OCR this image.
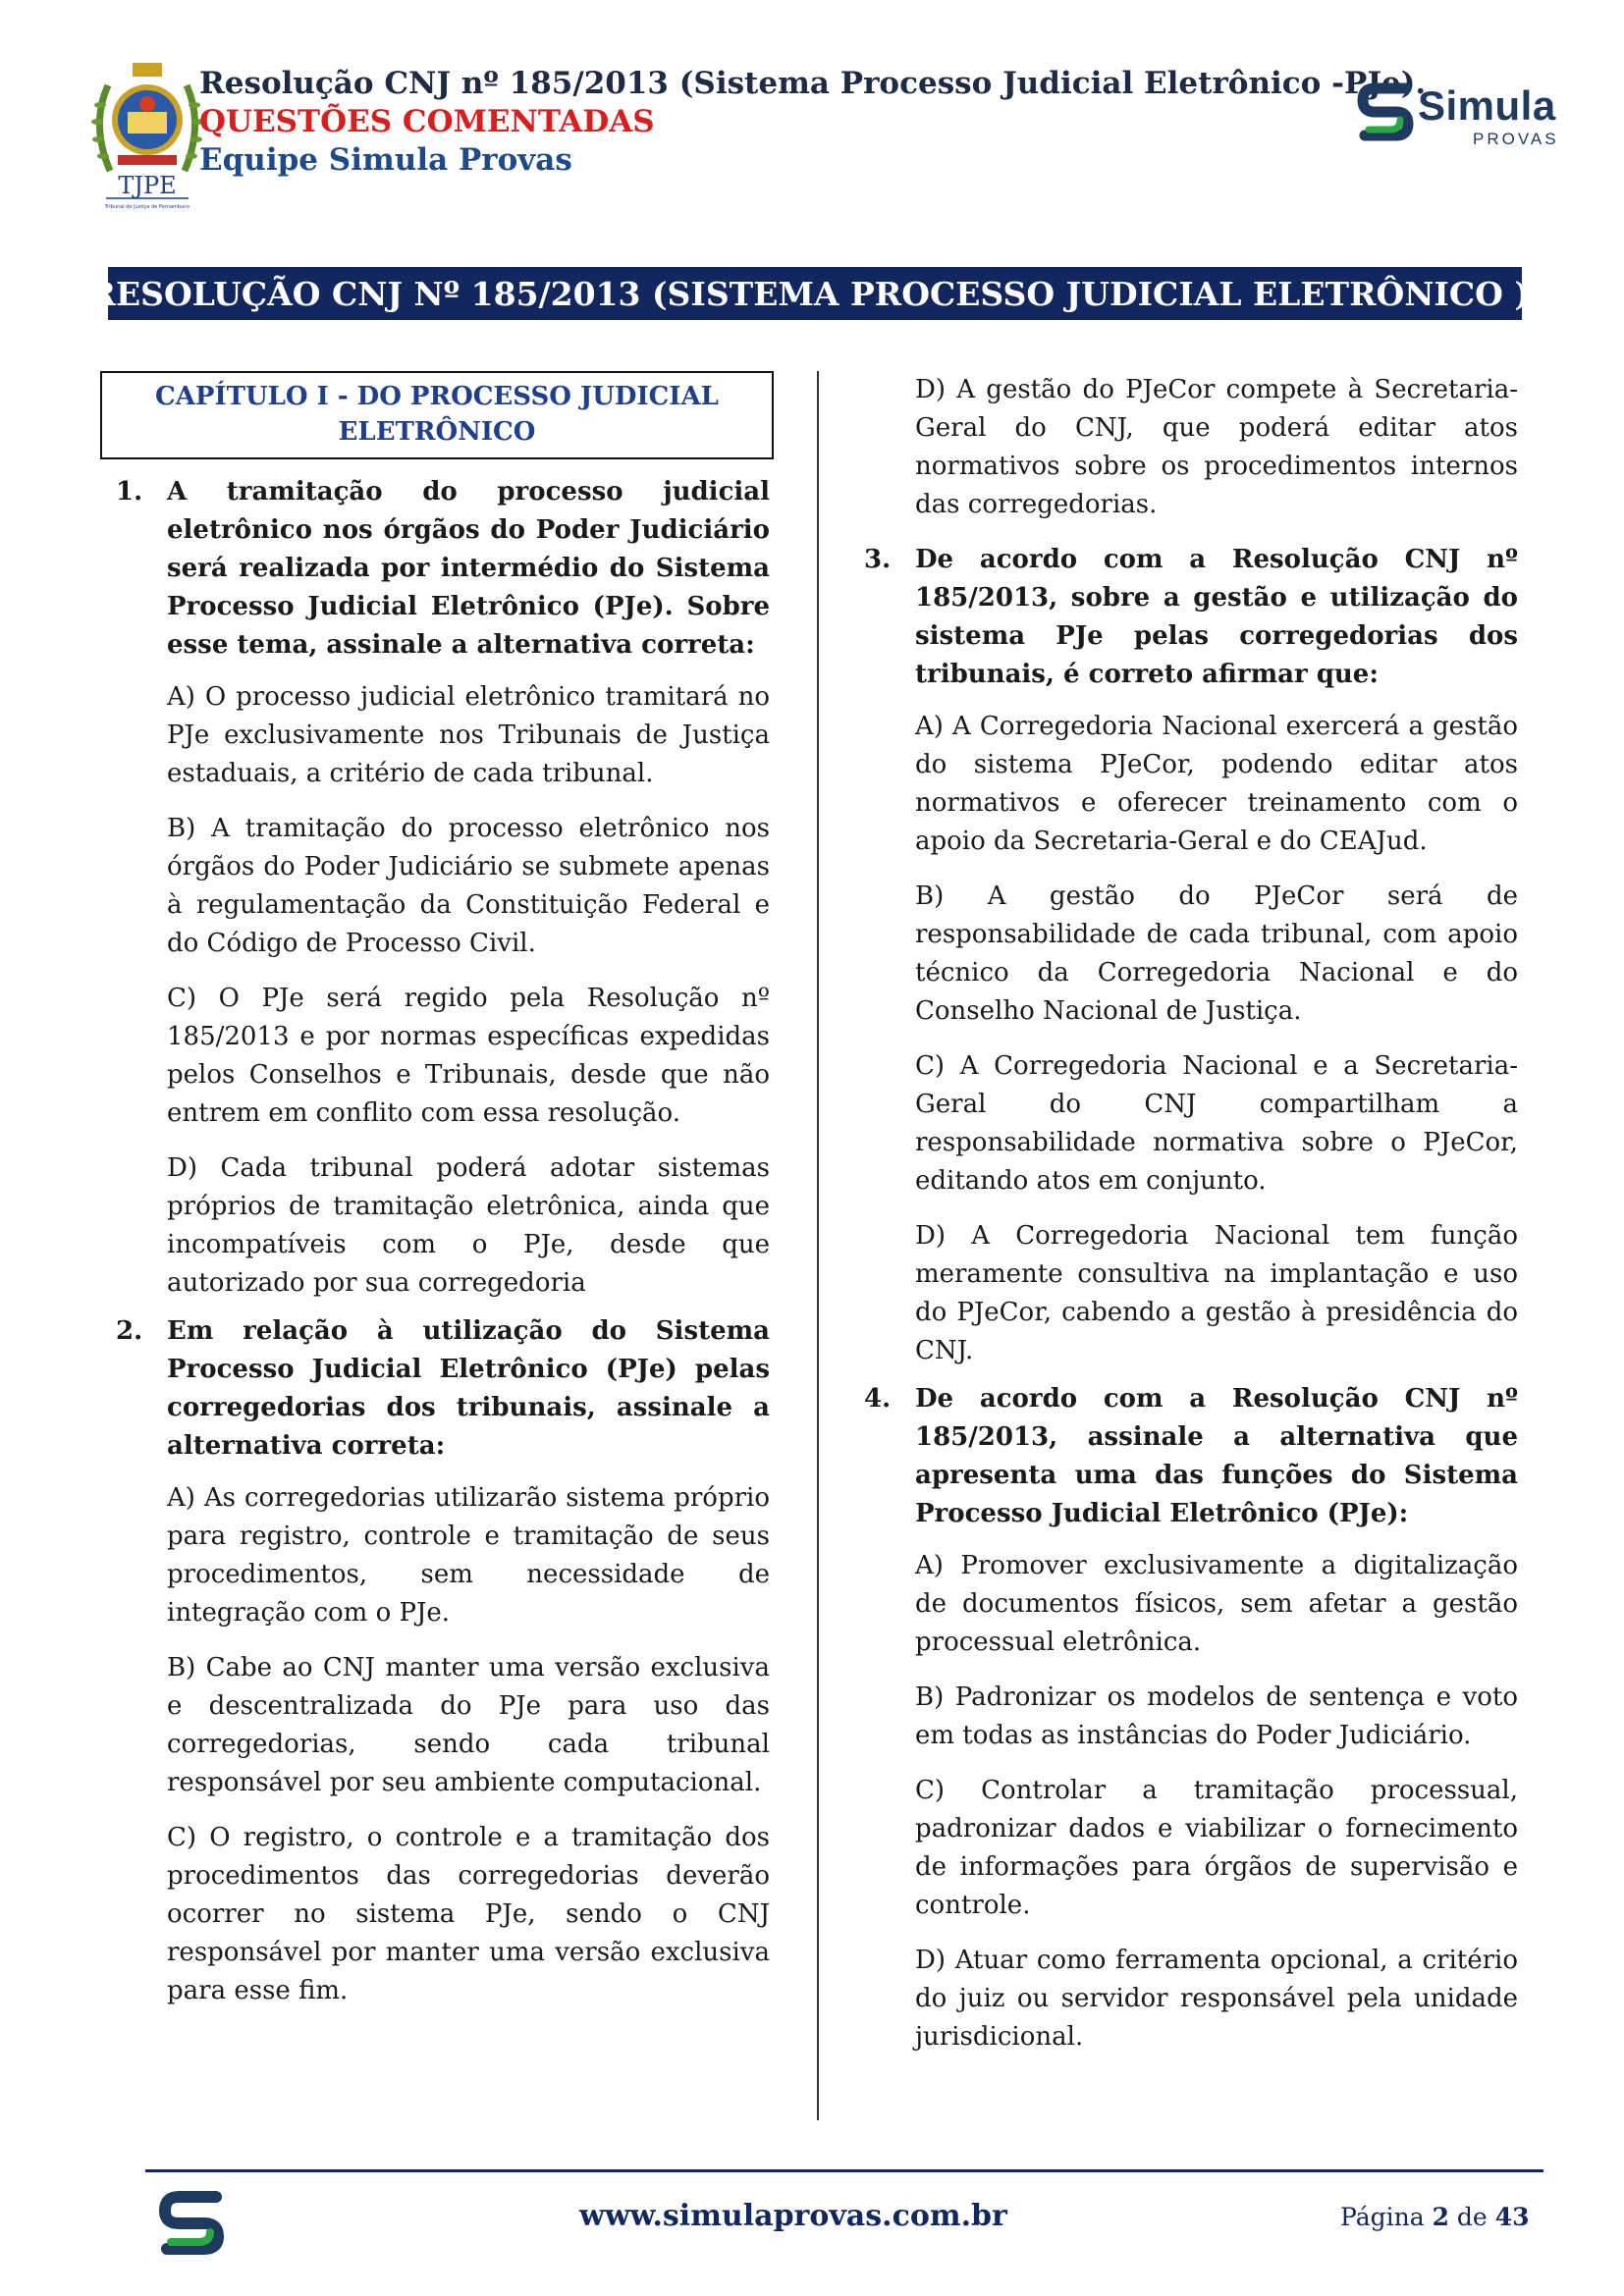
TJPE
Tribunal de Justiça de Pernambuco
Resolução CNJ nº 185/2013 (Sistema Processo Judicial Eletrônico -PJe).
QUESTÕES COMENTADAS
Equipe Simula Provas
Simula
PROVAS
RESOLUÇÃO CNJ Nº 185/2013 (SISTEMA PROCESSO JUDICIAL ELETRÔNICO ).
CAPÍTULO I - DO PROCESSO JUDICIAL ELETRÔNICO
1. A tramitação do processo judicial eletrônico nos órgãos do Poder Judiciário será realizada por intermédio do Sistema Processo Judicial Eletrônico (PJe). Sobre esse tema, assinale a alternativa correta:
A) O processo judicial eletrônico tramitará no PJe exclusivamente nos Tribunais de Justiça estaduais, a critério de cada tribunal.
B) A tramitação do processo eletrônico nos órgãos do Poder Judiciário se submete apenas à regulamentação da Constituição Federal e do Código de Processo Civil.
C) O PJe será regido pela Resolução nº 185/2013 e por normas específicas expedidas pelos Conselhos e Tribunais, desde que não entrem em conflito com essa resolução.
D) Cada tribunal poderá adotar sistemas próprios de tramitação eletrônica, ainda que incompatíveis com o PJe, desde que autorizado por sua corregedoria
2. Em relação à utilização do Sistema Processo Judicial Eletrônico (PJe) pelas corregedorias dos tribunais, assinale a alternativa correta:
A) As corregedorias utilizarão sistema próprio para registro, controle e tramitação de seus procedimentos, sem necessidade de integração com o PJe.
B) Cabe ao CNJ manter uma versão exclusiva e descentralizada do PJe para uso das corregedorias, sendo cada tribunal responsável por seu ambiente computacional.
C) O registro, o controle e a tramitação dos procedimentos das corregedorias deverão ocorrer no sistema PJe, sendo o CNJ responsável por manter uma versão exclusiva para esse fim.
D) A gestão do PJeCor compete à Secretaria-Geral do CNJ, que poderá editar atos normativos sobre os procedimentos internos das corregedorias.
3. De acordo com a Resolução CNJ nº 185/2013, sobre a gestão e utilização do sistema PJe pelas corregedorias dos tribunais, é correto afirmar que:
A) A Corregedoria Nacional exercerá a gestão do sistema PJeCor, podendo editar atos normativos e oferecer treinamento com o apoio da Secretaria-Geral e do CEAJud.
B) A gestão do PJeCor será de responsabilidade de cada tribunal, com apoio técnico da Corregedoria Nacional e do Conselho Nacional de Justiça.
C) A Corregedoria Nacional e a Secretaria-Geral do CNJ compartilham a responsabilidade normativa sobre o PJeCor, editando atos em conjunto.
D) A Corregedoria Nacional tem função meramente consultiva na implantação e uso do PJeCor, cabendo a gestão à presidência do CNJ.
4. De acordo com a Resolução CNJ nº 185/2013, assinale a alternativa que apresenta uma das funções do Sistema Processo Judicial Eletrônico (PJe):
A) Promover exclusivamente a digitalização de documentos físicos, sem afetar a gestão processual eletrônica.
B) Padronizar os modelos de sentença e voto em todas as instâncias do Poder Judiciário.
C) Controlar a tramitação processual, padronizar dados e viabilizar o fornecimento de informações para órgãos de supervisão e controle.
D) Atuar como ferramenta opcional, a critério do juiz ou servidor responsável pela unidade jurisdicional.
www.simulaprovas.com.br	Página 2 de 43
